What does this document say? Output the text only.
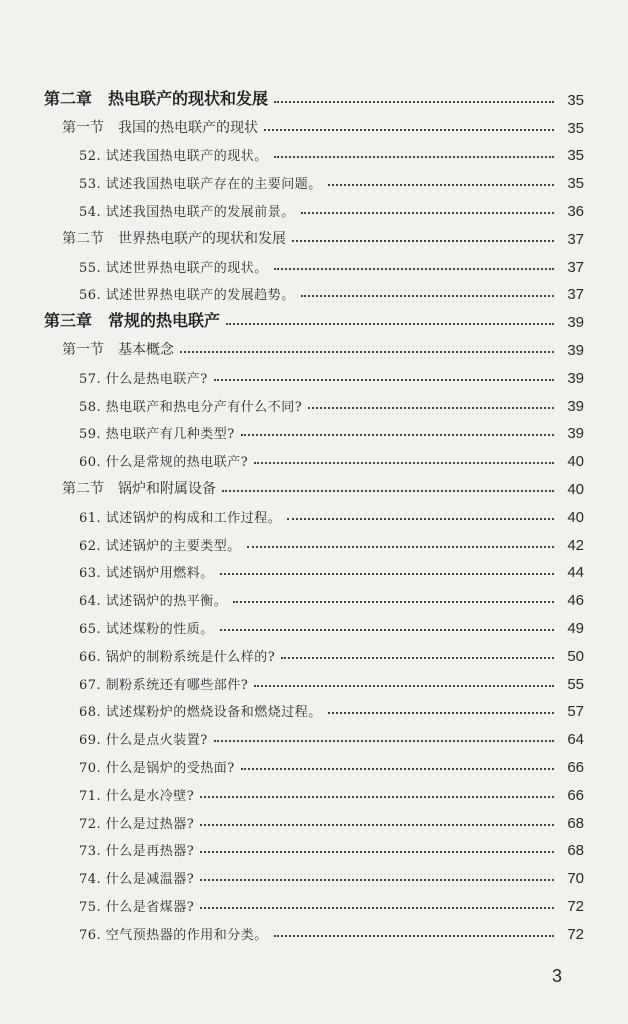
第二章　热电联产的现状和发展	35
第一节　我国的热电联产的现状	35
52. 试述我国热电联产的现状。	35
53. 试述我国热电联产存在的主要问题。	35
54. 试述我国热电联产的发展前景。	36
第二节　世界热电联产的现状和发展	37
55. 试述世界热电联产的现状。	37
56. 试述世界热电联产的发展趋势。	37
第三章　常规的热电联产	39
第一节　基本概念	39
57. 什么是热电联产?	39
58. 热电联产和热电分产有什么不同?	39
59. 热电联产有几种类型?	39
60. 什么是常规的热电联产?	40
第二节　锅炉和附属设备	40
61. 试述锅炉的构成和工作过程。	40
62. 试述锅炉的主要类型。	42
63. 试述锅炉用燃料。	44
64. 试述锅炉的热平衡。	46
65. 试述煤粉的性质。	49
66. 锅炉的制粉系统是什么样的?	50
67. 制粉系统还有哪些部件?	55
68. 试述煤粉炉的燃烧设备和燃烧过程。	57
69. 什么是点火装置?	64
70. 什么是锅炉的受热面?	66
71. 什么是水冷壁?	66
72. 什么是过热器?	68
73. 什么是再热器?	68
74. 什么是减温器?	70
75. 什么是省煤器?	72
76. 空气预热器的作用和分类。	72
3
